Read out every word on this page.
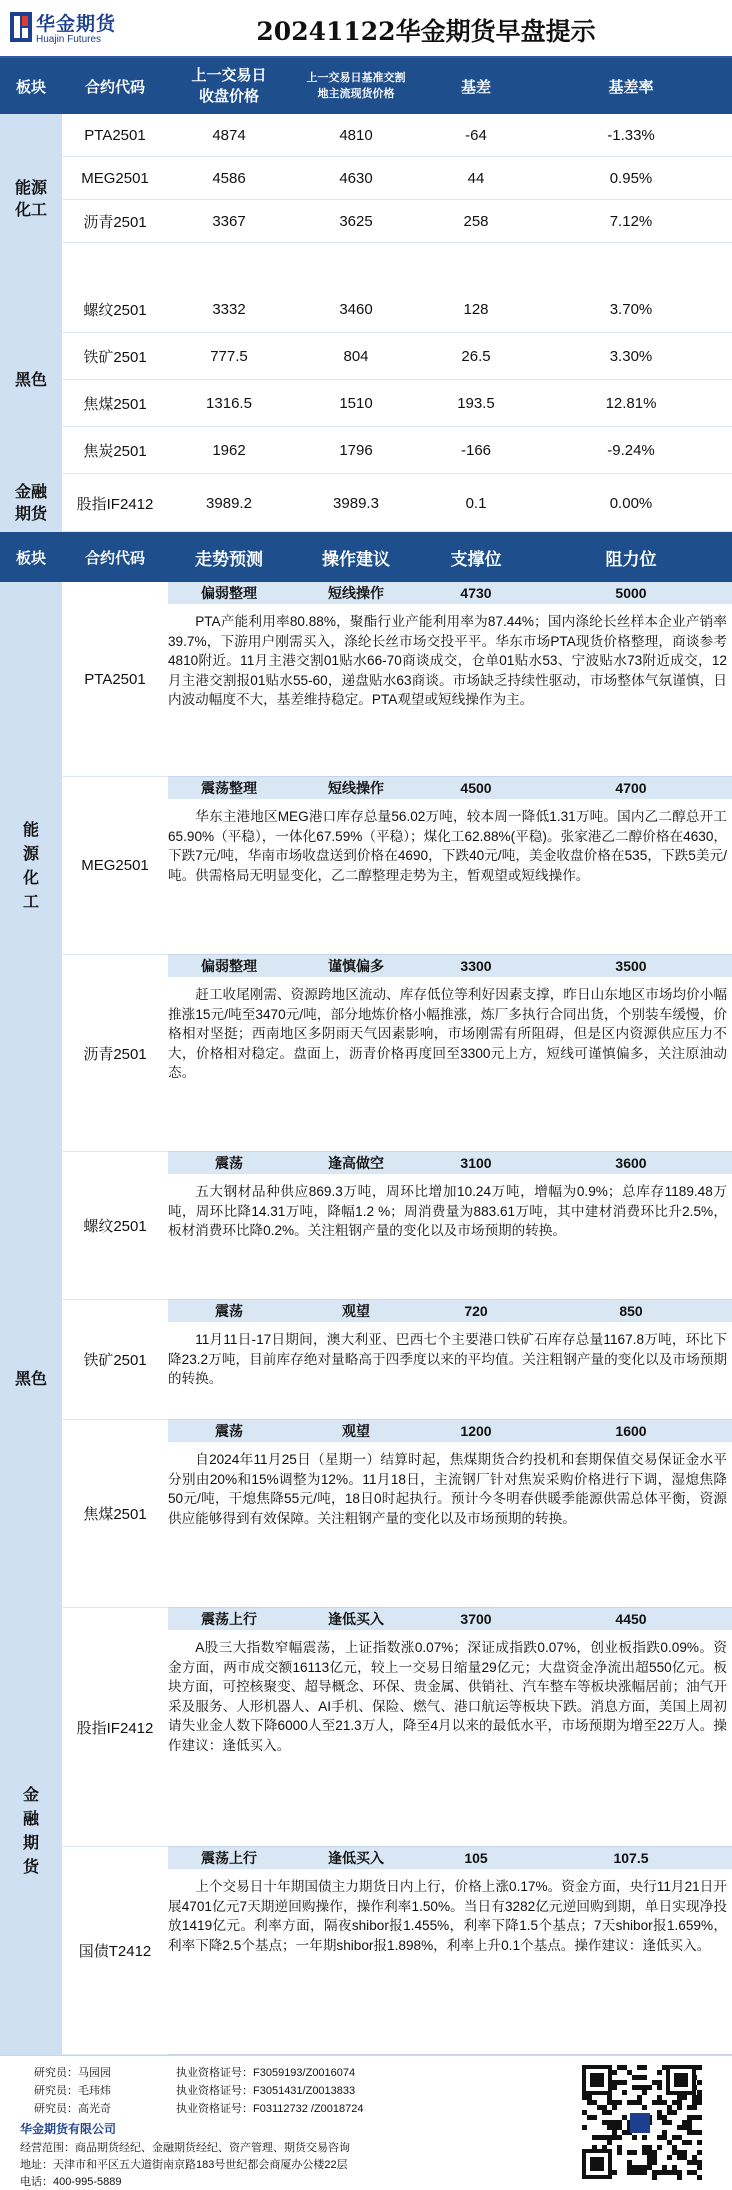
华金期货
Huajin Futures	20241122华金期货早盘提示
板块	合约代码
上一交易日
收盘价格
上一交易日基准交割
地主流现货价格	基差	基差率
能源化工
黑色
金融期货
PTA2501	4874	4810	-64	-1.33%
MEG2501	4586	4630	44	0.95%
沥青2501	3367	3625	258	7.12%
螺纹2501	3332	3460	128	3.70%
铁矿2501	777.5	804	26.5	3.30%
焦煤2501	1316.5	1510	193.5	12.81%
焦炭2501	1962	1796	-166	-9.24%
股指IF2412	3989.2	3989.3	0.1	0.00%
板块	合约代码	走势预测	操作建议	支撑位	阻力位
能源化工
黑色
金融期货
PTA2501
偏弱整理	短线操作	4730	5000
PTA产能利用率80.88%，聚酯行业产能利用率为87.44%；国内涤纶长丝样本企业产销率39.7%，下游用户刚需买入，涤纶长丝市场交投平平。华东市场PTA现货价格整理，商谈参考4810附近。11月主港交割01贴水66-70商谈成交，仓单01贴水53、宁波贴水73附近成交，12月主港交割报01贴水55-60，递盘贴水63商谈。市场缺乏持续性驱动，市场整体气氛谨慎，日内波动幅度不大，基差维持稳定。PTA观望或短线操作为主。
MEG2501
震荡整理	短线操作	4500	4700
华东主港地区MEG港口库存总量56.02万吨，较本周一降低1.31万吨。国内乙二醇总开工65.90%（平稳），一体化67.59%（平稳）；煤化工62.88%(平稳)。张家港乙二醇价格在4630，下跌7元/吨，华南市场收盘送到价格在4690，下跌40元/吨，美金收盘价格在535，下跌5美元/吨。供需格局无明显变化，乙二醇整理走势为主，暂观望或短线操作。
沥青2501
偏弱整理	谨慎偏多	3300	3500
赶工收尾刚需、资源跨地区流动、库存低位等利好因素支撑，昨日山东地区市场均价小幅推涨15元/吨至3470元/吨，部分地炼价格小幅推涨，炼厂多执行合同出货，个别装车缓慢，价格相对坚挺；西南地区多阴雨天气因素影响，市场刚需有所阻碍，但是区内资源供应压力不大，价格相对稳定。盘面上，沥青价格再度回至3300元上方，短线可谨慎偏多，关注原油动态。
螺纹2501
震荡	逢高做空	3100	3600
五大钢材品种供应869.3万吨，周环比增加10.24万吨，增幅为0.9%；总库存1189.48万吨，周环比降14.31万吨，降幅1.2 %；周消费量为883.61万吨，其中建材消费环比升2.5%，板材消费环比降0.2%。关注粗钢产量的变化以及市场预期的转换。
铁矿2501
震荡	观望	720	850
11月11日-17日期间，澳大利亚、巴西七个主要港口铁矿石库存总量1167.8万吨，环比下降23.2万吨，目前库存绝对量略高于四季度以来的平均值。关注粗钢产量的变化以及市场预期的转换。
焦煤2501
震荡	观望	1200	1600
自2024年11月25日（星期一）结算时起，焦煤期货合约投机和套期保值交易保证金水平分别由20%和15%调整为12%。11月18日，主流钢厂针对焦炭采购价格进行下调，湿熄焦降50元/吨，干熄焦降55元/吨，18日0时起执行。预计今冬明春供暖季能源供需总体平衡，资源供应能够得到有效保障。关注粗钢产量的变化以及市场预期的转换。
股指IF2412
震荡上行	逢低买入	3700	4450
A股三大指数窄幅震荡，上证指数涨0.07%；深证成指跌0.07%，创业板指跌0.09%。资金方面，两市成交额16113亿元，较上一交易日缩量29亿元；大盘资金净流出超550亿元。板块方面，可控核聚变、超导概念、环保、贵金属、供销社、汽车整车等板块涨幅居前；油气开采及服务、人形机器人、AI手机、保险、燃气、港口航运等板块下跌。消息方面，美国上周初请失业金人数下降6000人至21.3万人，降至4月以来的最低水平，市场预期为增至22万人。操作建议：逢低买入。
国债T2412
震荡上行	逢低买入	105	107.5
上个交易日十年期国债主力期货日内上行，价格上涨0.17%。资金方面，央行11月21日开展4701亿元7天期逆回购操作，操作利率1.50%。当日有3282亿元逆回购到期，单日实现净投放1419亿元。利率方面，隔夜shibor报1.455%，利率下降1.5个基点；7天shibor报1.659%，利率下降2.5个基点；一年期shibor报1.898%，利率上升0.1个基点。操作建议：逢低买入。
研究员：马园园	执业资格证号：F3059193/Z0016074
研究员：毛玮炜	执业资格证号：F3051431/Z0013833
研究员：高光奇	执业资格证号：F03112732 /Z0018724
华金期货有限公司
经营范围：商品期货经纪、金融期货经纪、资产管理、期货交易咨询
地址：天津市和平区五大道街南京路183号世纪都会商厦办公楼22层
电话：400-995-5889
